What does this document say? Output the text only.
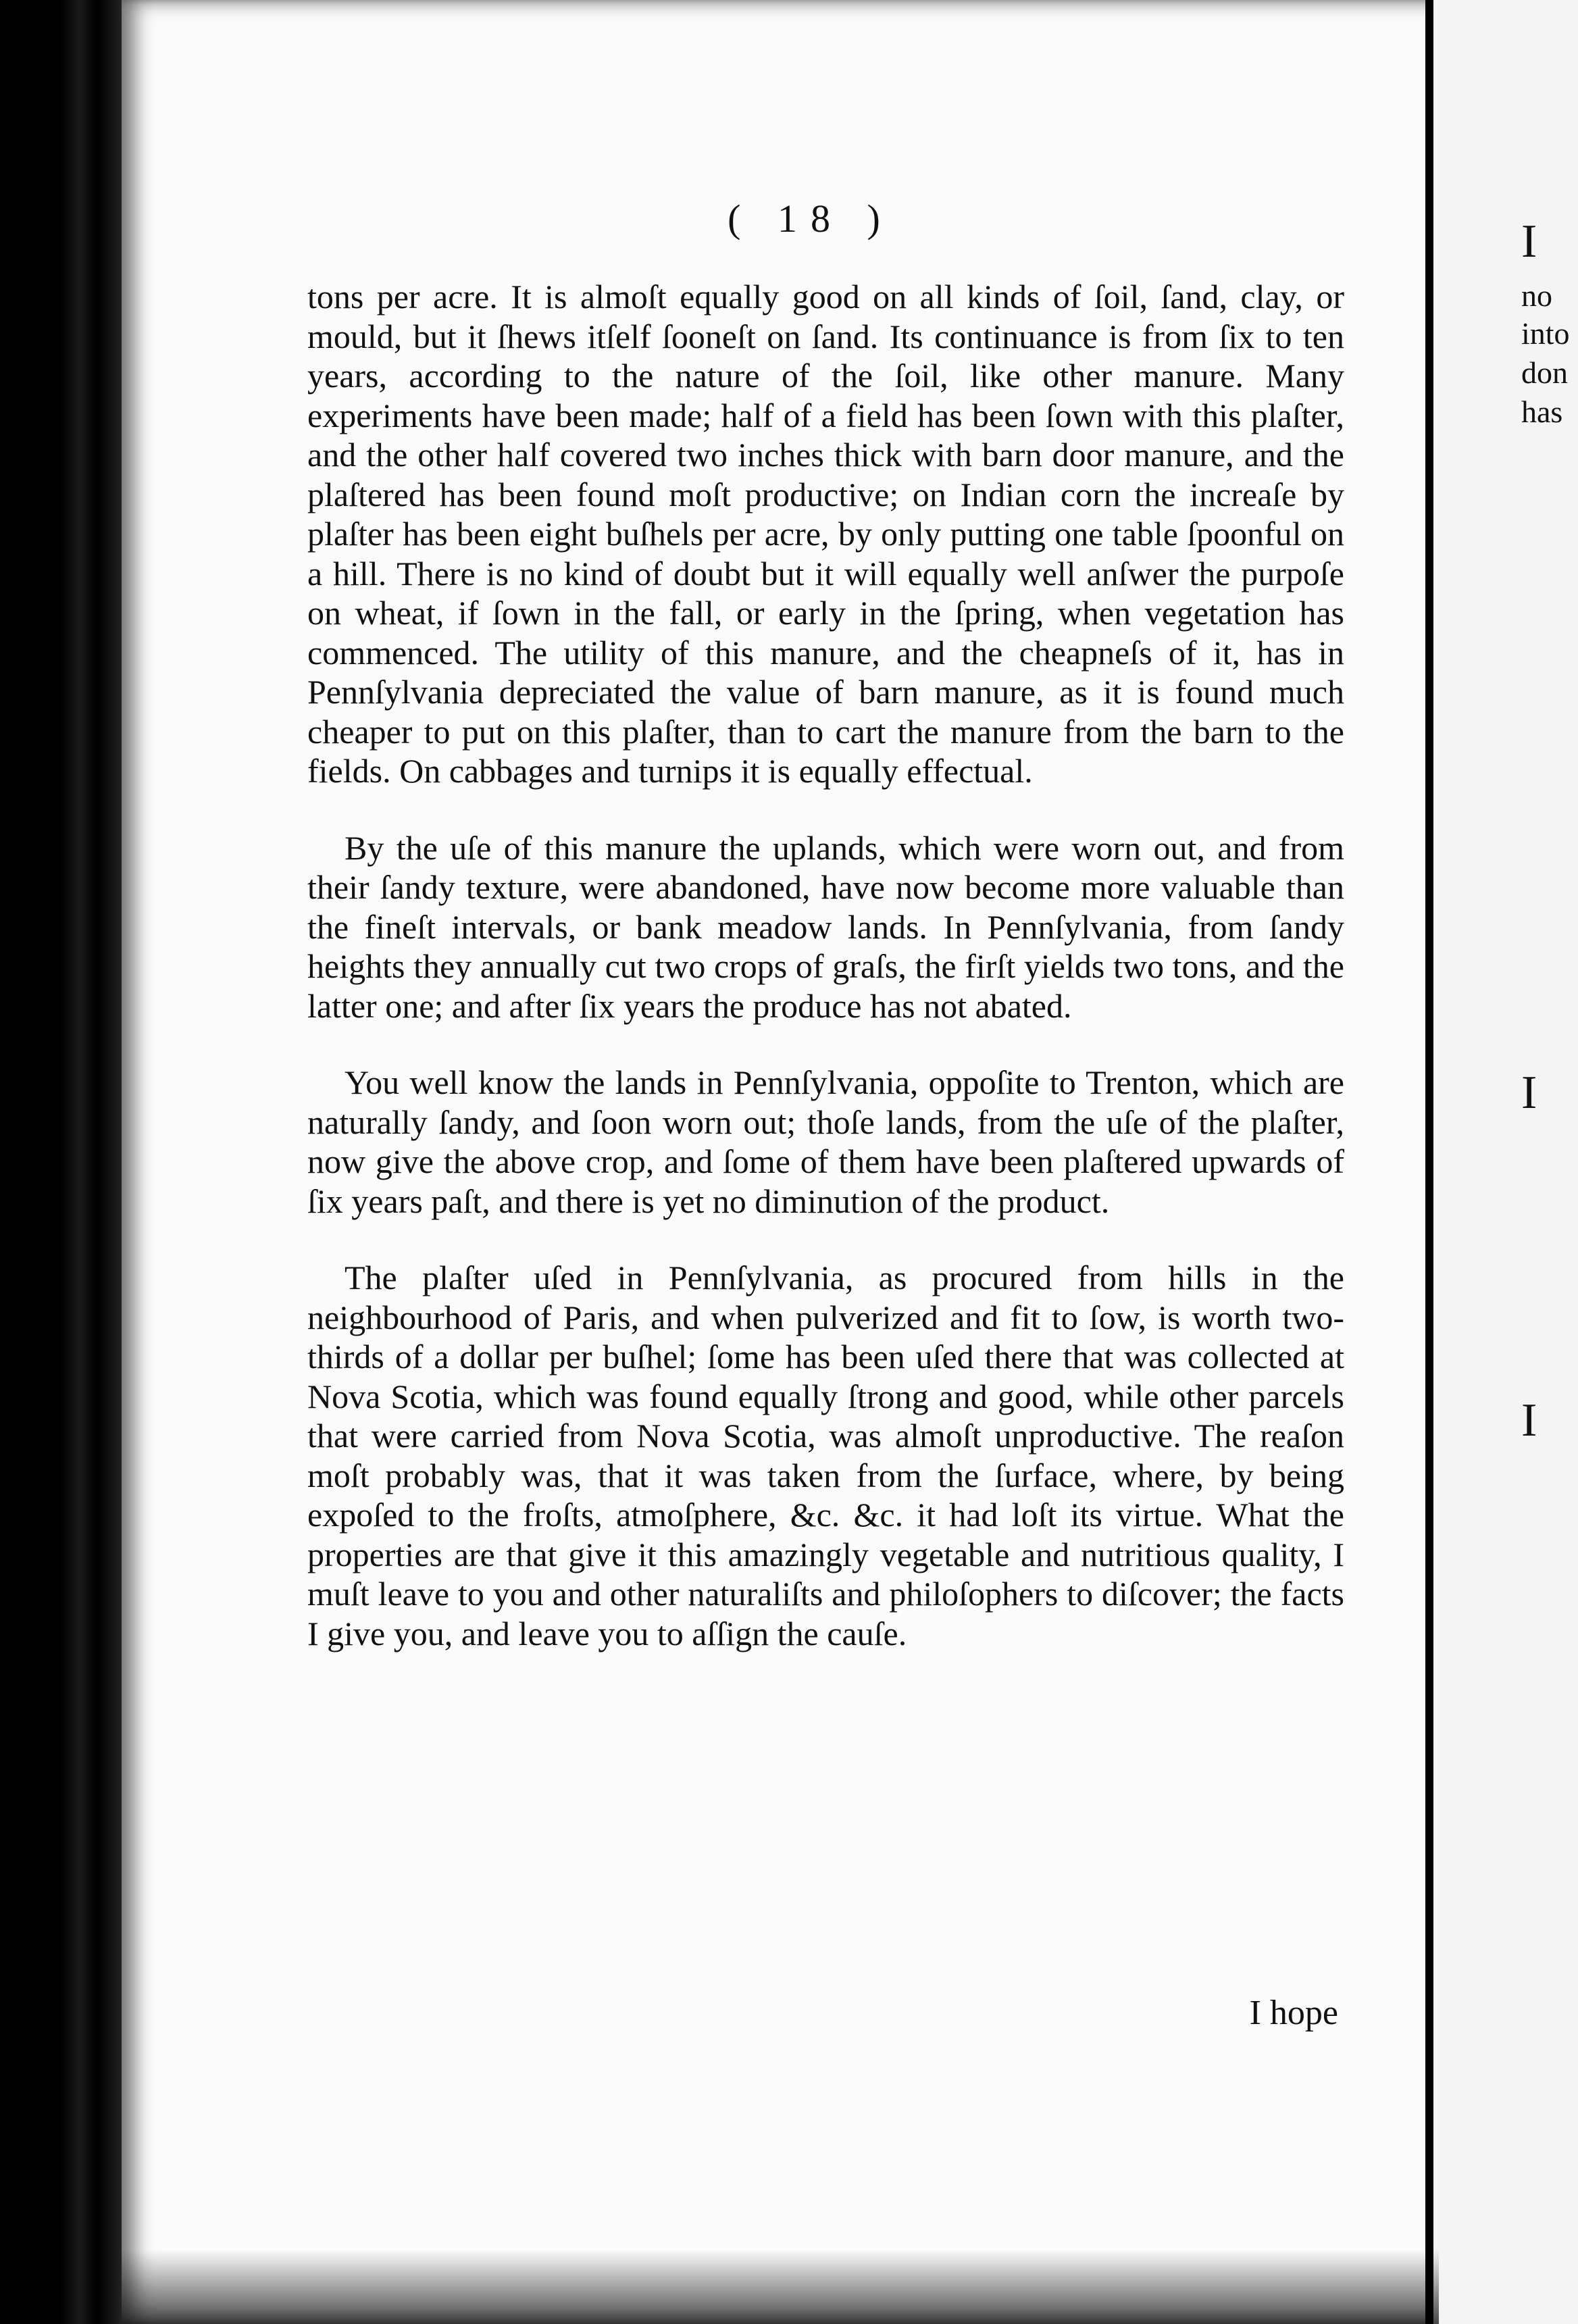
I
no
into
don
has
I
I
( 18 )

tons per acre. It is almoſt equally good on all kinds of ſoil, ſand, clay, or mould, but it ſhews itſelf ſooneſt on ſand. Its continuance is from ſix to ten years, according to the nature of the ſoil, like other manure. Many experiments have been made; half of a field has been ſown with this plaſter, and the other half covered two inches thick with barn door manure, and the plaſtered has been found moſt productive; on Indian corn the increaſe by plaſter has been eight buſhels per acre, by only putting one table ſpoonful on a hill. There is no kind of doubt but it will equally well anſwer the purpoſe on wheat, if ſown in the fall, or early in the ſpring, when vegetation has commenced. The utility of this manure, and the cheapneſs of it, has in Pennſylvania depreciated the value of barn manure, as it is found much cheaper to put on this plaſter, than to cart the manure from the barn to the fields. On cabbages and turnips it is equally effectual.

By the uſe of this manure the uplands, which were worn out, and from their ſandy texture, were abandoned, have now become more valuable than the fineſt intervals, or bank meadow lands. In Pennſylvania, from ſandy heights they annually cut two crops of graſs, the firſt yields two tons, and the latter one; and after ſix years the produce has not abated.

You well know the lands in Pennſylvania, oppoſite to Trenton, which are naturally ſandy, and ſoon worn out; thoſe lands, from the uſe of the plaſter, now give the above crop, and ſome of them have been plaſtered upwards of ſix years paſt, and there is yet no diminution of the product.

The plaſter uſed in Pennſylvania, as procured from hills in the neighbourhood of Paris, and when pulverized and fit to ſow, is worth two-thirds of a dollar per buſhel; ſome has been uſed there that was collected at Nova Scotia, which was found equally ſtrong and good, while other parcels that were carried from Nova Scotia, was almoſt unproductive. The reaſon moſt probably was, that it was taken from the ſurface, where, by being expoſed to the froſts, atmoſphere, &c. &c. it had loſt its virtue. What the properties are that give it this amazingly vegetable and nutritious quality, I muſt leave to you and other naturaliſts and philoſophers to diſcover; the facts I give you, and leave you to aſſign the cauſe.

I hope
